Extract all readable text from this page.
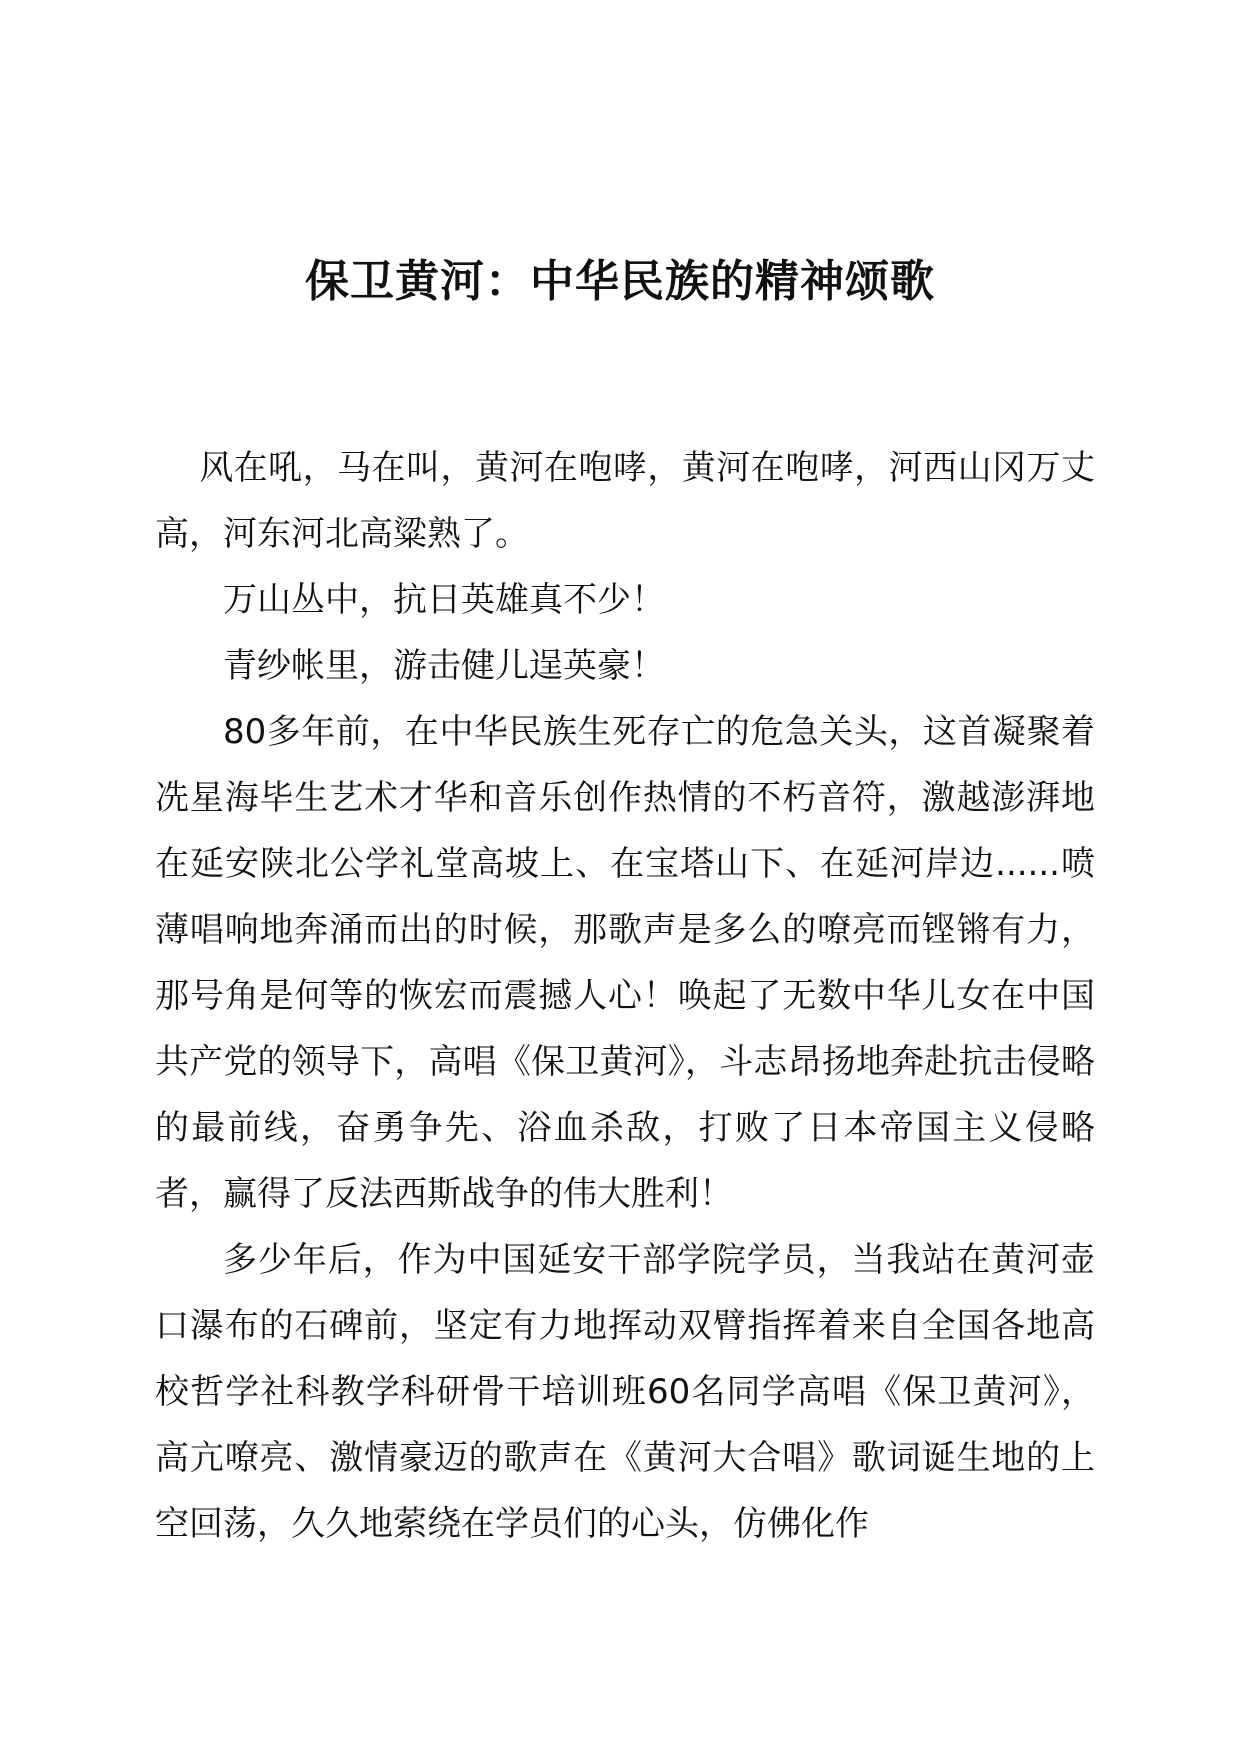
保卫黄河：中华民族的精神颂歌

风在吼，马在叫，黄河在咆哮，黄河在咆哮，河西山冈万丈高，河东河北高粱熟了。

万山丛中，抗日英雄真不少！

青纱帐里，游击健儿逞英豪！

80多年前，在中华民族生死存亡的危急关头，这首凝聚着冼星海毕生艺术才华和音乐创作热情的不朽音符，激越澎湃地在延安陕北公学礼堂高坡上、在宝塔山下、在延河岸边......喷薄唱响地奔涌而出的时候，那歌声是多么的嘹亮而铿锵有力，那号角是何等的恢宏而震撼人心！唤起了无数中华儿女在中国共产党的领导下，高唱《保卫黄河》，斗志昂扬地奔赴抗击侵略的最前线，奋勇争先、浴血杀敌，打败了日本帝国主义侵略者，赢得了反法西斯战争的伟大胜利！

多少年后，作为中国延安干部学院学员，当我站在黄河壶口瀑布的石碑前，坚定有力地挥动双臂指挥着来自全国各地高校哲学社科教学科研骨干培训班60名同学高唱《保卫黄河》，高亢嘹亮、激情豪迈的歌声在《黄河大合唱》歌词诞生地的上空回荡，久久地萦绕在学员们的心头，仿佛化作
